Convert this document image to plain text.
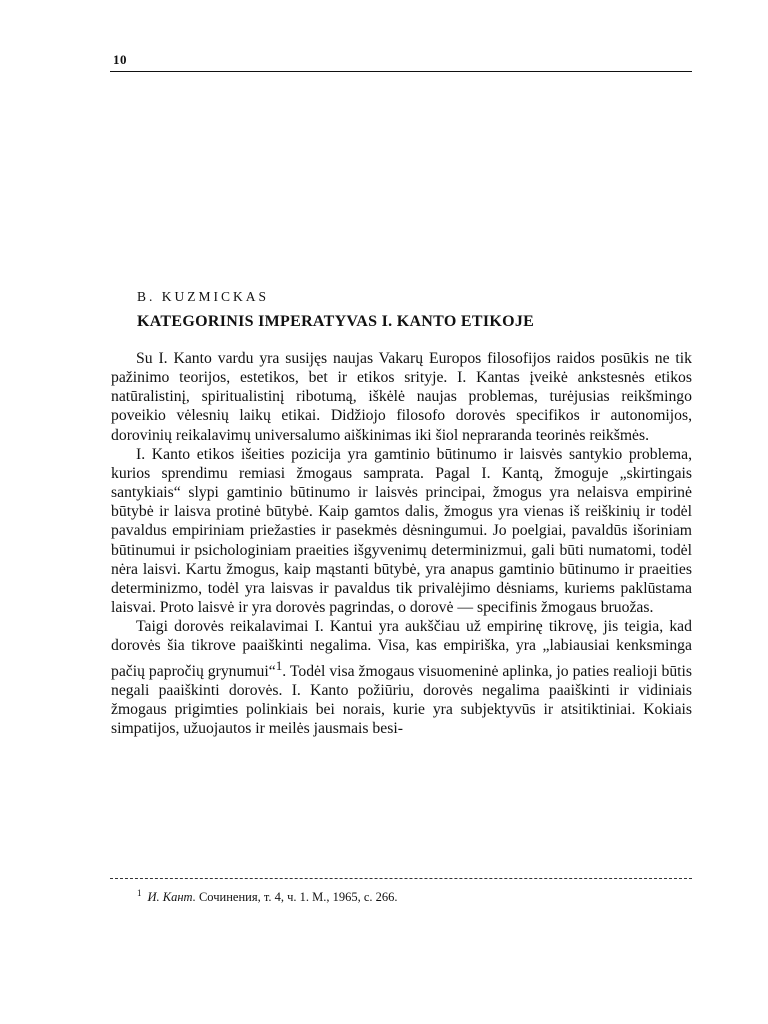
10
B. KUZMICKAS
KATEGORINIS IMPERATYVAS I. KANTO ETIKOJE

Su I. Kanto vardu yra susijęs naujas Vakarų Europos filosofijos raidos posūkis ne tik pažinimo teorijos, estetikos, bet ir etikos srityje. I. Kantas įveikė ankstesnės etikos natūralistinį, spiritualistinį ribotumą, iškėlė naujas problemas, turėjusias reikšmingo poveikio vėlesnių laikų etikai. Didžiojo filosofo dorovės specifikos ir autonomijos, dorovinių reikalavimų universalumo aiškinimas iki šiol nepraranda teorinės reikšmės.

I. Kanto etikos išeities pozicija yra gamtinio būtinumo ir laisvės santykio problema, kurios sprendimu remiasi žmogaus samprata. Pagal I. Kantą, žmoguje „skirtingais santykiais“ slypi gamtinio būtinumo ir laisvės principai, žmogus yra nelaisva empirinė būtybė ir laisva protinė būtybė. Kaip gamtos dalis, žmogus yra vienas iš reiškinių ir todėl pavaldus empiriniam priežasties ir pasekmės dėsningumui. Jo poelgiai, pavaldūs išoriniam būtinumui ir psichologiniam praeities išgyvenimų determinizmui, gali būti numatomi, todėl nėra laisvi. Kartu žmogus, kaip mąstanti būtybė, yra anapus gamtinio būtinumo ir praeities determinizmo, todėl yra laisvas ir pavaldus tik privalėjimo dėsniams, kuriems paklūstama laisvai. Proto laisvė ir yra dorovės pagrindas, o dorovė — specifinis žmogaus bruožas.

Taigi dorovės reikalavimai I. Kantui yra aukščiau už empirinę tikrovę, jis teigia, kad dorovės šia tikrove paaiškinti negalima. Visa, kas empiriška, yra „labiausiai kenksminga pačių papročių grynumui“$^1$. Todėl visa žmogaus visuomeninė aplinka, jo paties realioji būtis negali paaiškinti dorovės. I. Kanto požiūriu, dorovės negalima paaiškinti ir vidiniais žmogaus prigimties polinkiais bei norais, kurie yra subjektyvūs ir atsitiktiniai. Kokiais simpatijos, užuojautos ir meilės jausmais besi-

$^1$ И. Кант. Сочинения, т. 4, ч. 1. М., 1965, с. 266.
